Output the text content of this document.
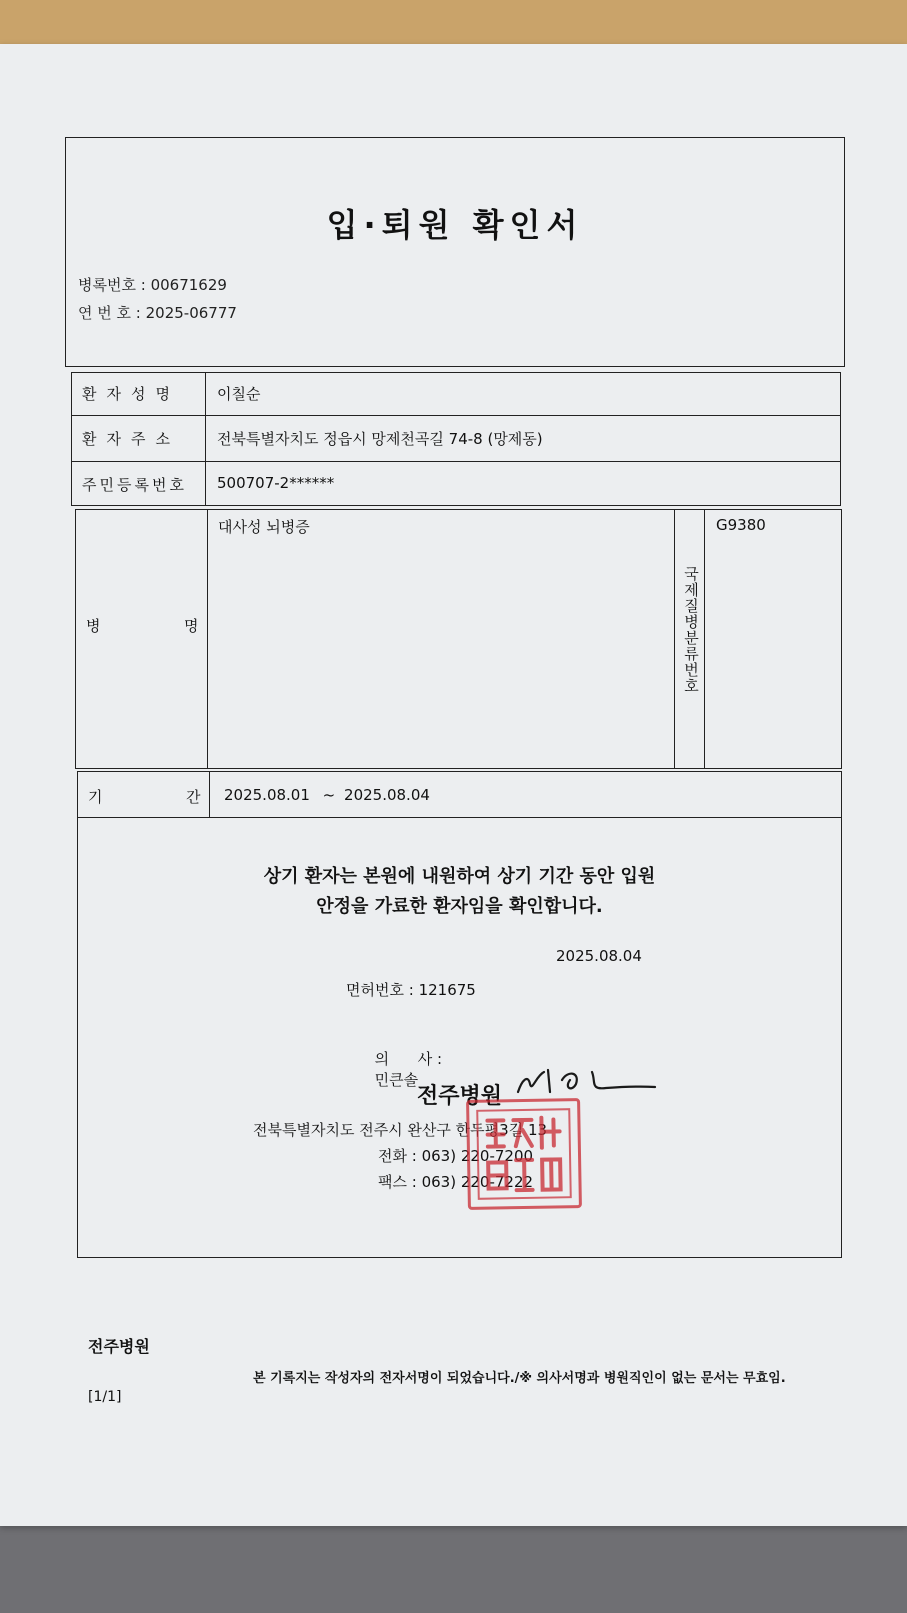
입·퇴원 확인서
병록번호 : 00671629
연 번 호 : 2025-06777
환자성명 이칠순
환자주소 전북특별자치도 정읍시 망제천곡길 74-8 (망제동)
주민등록번호 500707-2******
병	명
대사성 뇌병증
국제질병분류번호
G9380
기	간 2025.08.01 ~ 2025.08.04
상기 환자는 본원에 내원하여 상기 기간 동안 입원
안정을 가료한 환자임을 확인합니다.
2025.08.04
면허번호 : 121675

의      사 :
민큰솔

전주병원
전북특별자치도 전주시 완산구 한두평3길 13
전화 : 063) 220-7200
팩스 : 063) 220-7222
전주병원
[1/1]
본 기록지는 작성자의 전자서명이 되었습니다./※ 의사서명과 병원직인이 없는 문서는 무효임.
